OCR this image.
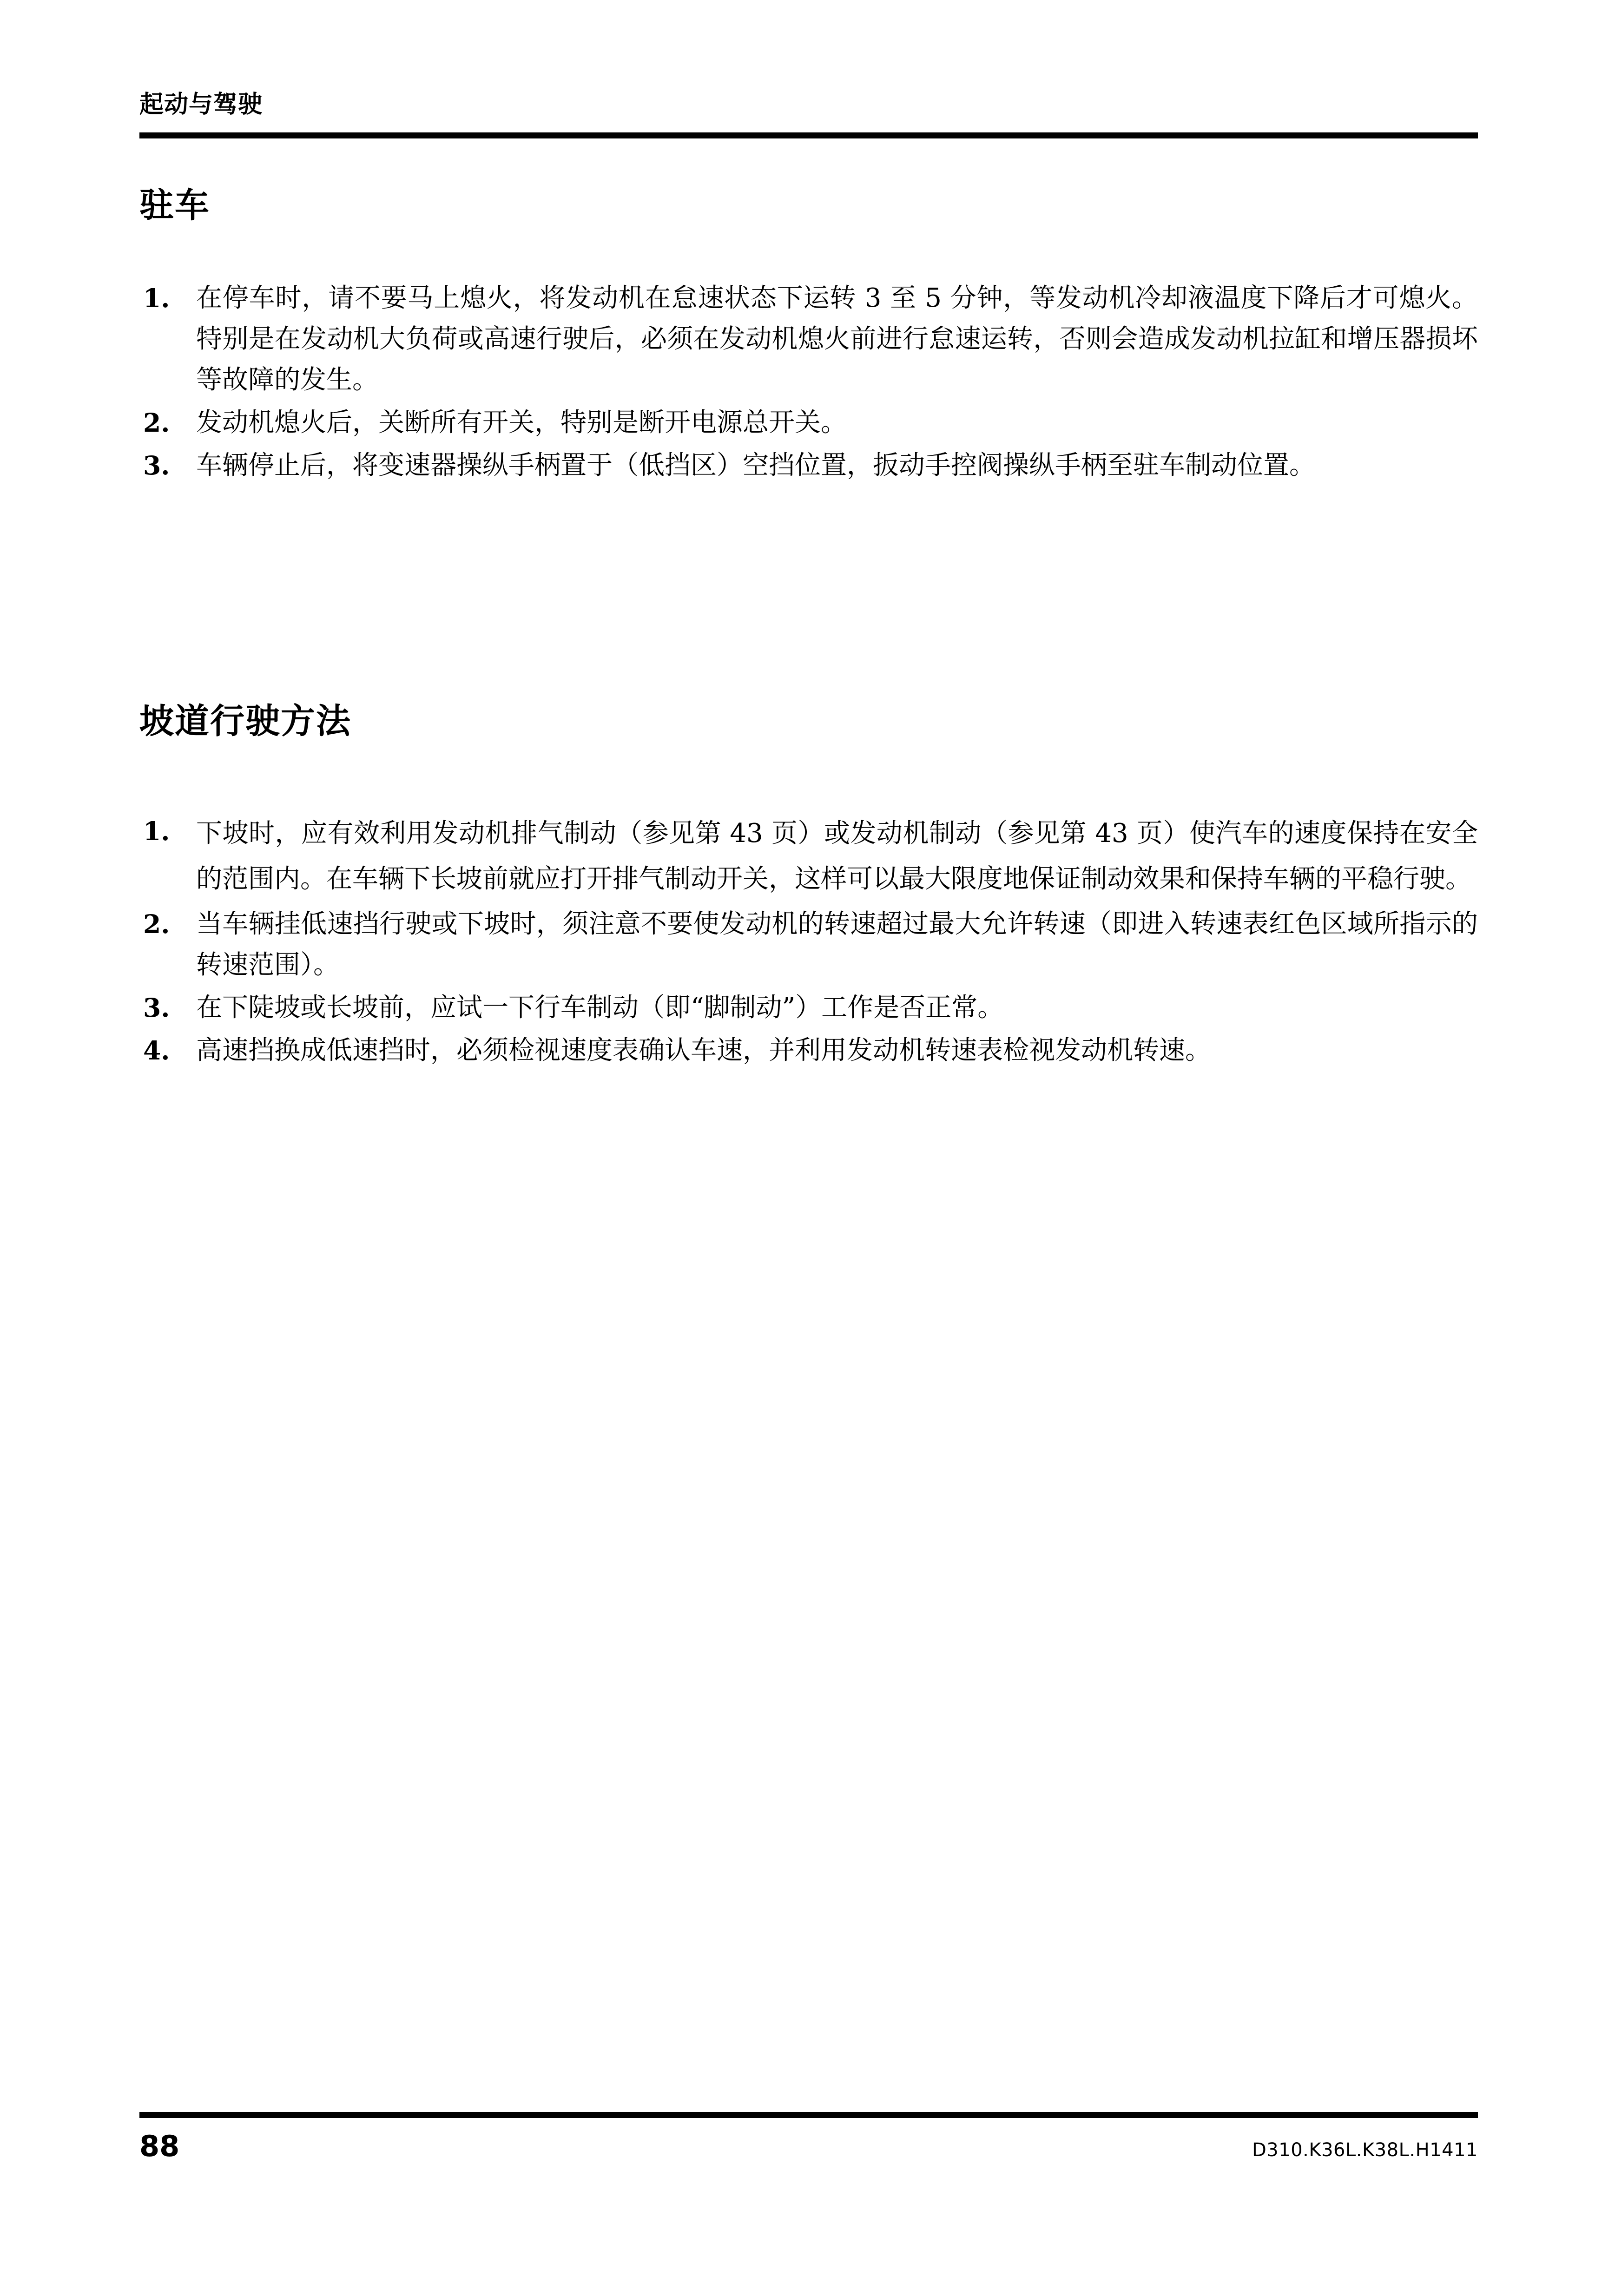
起动与驾驶
驻车
1.	在停车时，请不要马上熄火，将发动机在怠速状态下运转 3 至 5 分钟，等发动机冷却液温度下降后才可熄火。特别是在发动机大负荷或高速行驶后，必须在发动机熄火前进行怠速运转，否则会造成发动机拉缸和增压器损坏等故障的发生。
2.	发动机熄火后，关断所有开关，特别是断开电源总开关。
3.	车辆停止后，将变速器操纵手柄置于（低挡区）空挡位置，扳动手控阀操纵手柄至驻车制动位置。
坡道行驶方法
1.	下坡时，应有效利用发动机排气制动（参见第 43 页）或发动机制动（参见第 43 页）使汽车的速度保持在安全的范围内。在车辆下长坡前就应打开排气制动开关，这样可以最大限度地保证制动效果和保持车辆的平稳行驶。
2.	当车辆挂低速挡行驶或下坡时，须注意不要使发动机的转速超过最大允许转速（即进入转速表红色区域所指示的转速范围）。
3.	在下陡坡或长坡前，应试一下行车制动（即“脚制动”）工作是否正常。
4.	高速挡换成低速挡时，必须检视速度表确认车速，并利用发动机转速表检视发动机转速。
88	D310.K36L.K38L.H1411
